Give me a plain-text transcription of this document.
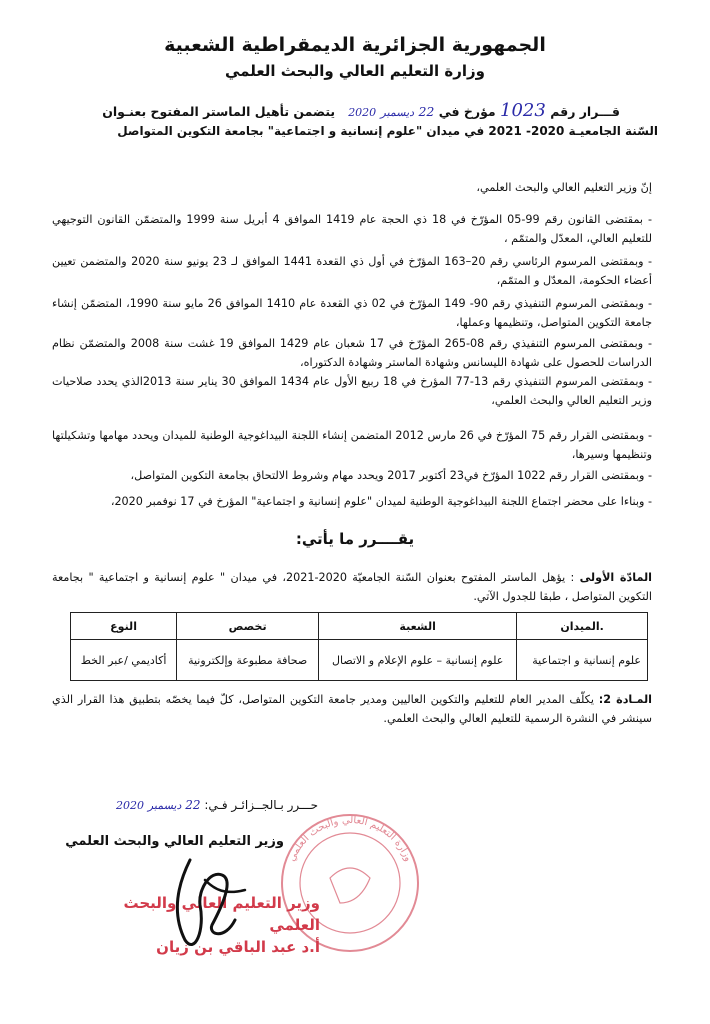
الجمهورية الجزائرية الديمقراطية الشعبية
وزارة التعليم العالي والبحث العلمي
قـــرار رقم 1023 مؤرخ في 22 ديسمبر 2020   يتضمن تأهيل الماستر المفتوح بعنـوان
السّنة الجامعيـة 2020- 2021 في ميدان "علوم إنسانية و اجتماعية" بجامعة التكوين المتواصل
إنّ وزير التعليم العالي والبحث العلمي،
- بمقتضى القانون رقم 99-05 المؤرّخ في 18 ذي الحجة عام 1419 الموافق 4 أبريل سنة 1999 والمتضمّن القانون التوجيهي للتعليم العالي، المعدّل والمتمّم ،
- وبمقتضى المرسوم الرئاسي رقم 20–163 المؤرّخ في أول ذي القعدة 1441 الموافق لـ 23 يونيو سنة 2020 والمتضمن تعيين أعضاء الحكومة، المعدّل و المتمّم،
- وبمقتضى المرسوم التنفيذي رقم 90- 149 المؤرّخ في 02 ذي القعدة عام 1410 الموافق 26 مايو سنة 1990، المتضمّن إنشاء جامعة التكوين المتواصل، وتنظيمها وعملها،
- وبمقتضى المرسوم التنفيذي رقم 08-265 المؤرّخ في 17 شعبان عام 1429 الموافق 19 غشت سنة 2008 والمتضمّن نظام الدراسات للحصول على شهادة الليسانس وشهادة الماستر وشهادة الدكتوراه،
- وبمقتضى المرسوم التنفيذي رقم 13-77 المؤرخ في 18 ربيع الأول عام 1434 الموافق 30 يناير سنة 2013الذي يحدد صلاحيات وزير التعليم العالي والبحث العلمي،
- وبمقتضى القرار رقم 75 المؤرّخ في 26 مارس 2012 المتضمن إنشاء اللجنة البيداغوجية الوطنية للميدان ويحدد مهامها وتشكيلتها وتنظيمها وسيرها،
- وبمقتضى القرار رقم 1022 المؤرّخ في23 أكتوبر 2017 ويحدد مهام وشروط الالتحاق بجامعة التكوين المتواصل،
- وبناءا على محضر اجتماع اللجنة البيداغوجية الوطنية لميدان "علوم إنسانية و اجتماعية" المؤرخ في 17 نوفمبر 2020،
يقــــرر ما يأتي:
المادّة الأولى : يؤهل الماستر المفتوح بعنوان السّنة الجامعيّة 2020-2021، في ميدان " علوم إنسانية و اجتماعية " بجامعة التكوين المتواصل ، طبقا للجدول الآتي.
.الميدان	الشعبة	تخصص	النوع
علوم إنسانية و اجتماعية	علوم إنسانية – علوم الإعلام و الاتصال	صحافة مطبوعة وإلكترونية	أكاديمي /عبر الخط
المـادة 2: يكلّف المدير العام للتعليم والتكوين العاليين ومدير جامعة التكوين المتواصل، كلّ فيما يخصّه بتطبيق هذا القرار الذي سينشر في النشرة الرسمية للتعليم العالي والبحث العلمي.
حـــرر بـالجــزائـر فـي: 22 ديسمبر 2020
وزير التعليم العالي والبحث العلمي
وزارة التعليم العالي والبحث العلمي
وزير التعليم العالي والبحث العلمي
أ.د عبد الباقي بن زيان
